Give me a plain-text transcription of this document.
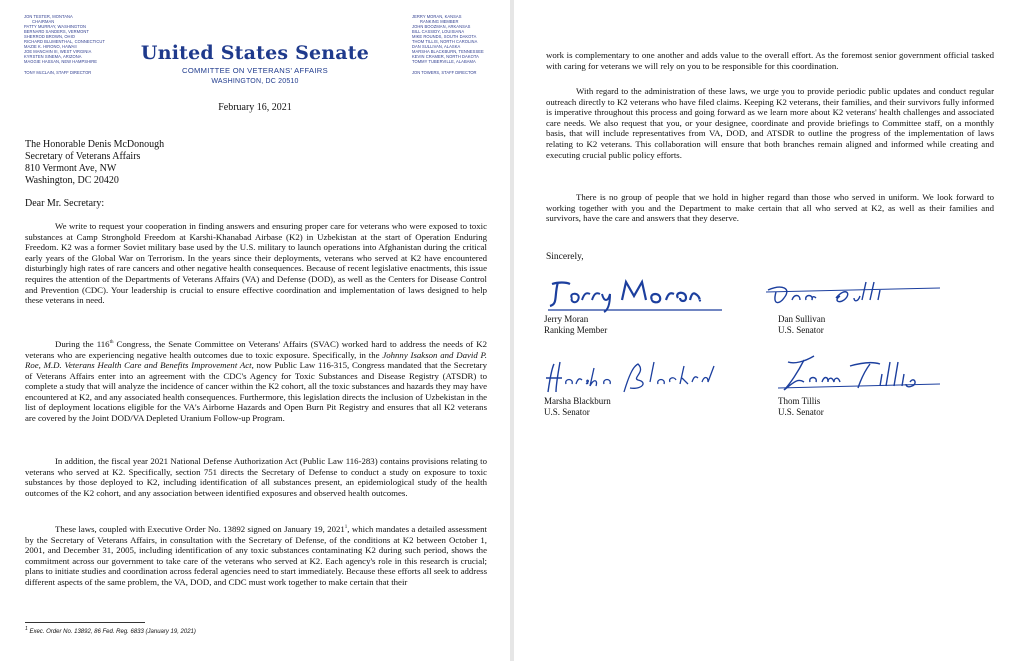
JON TESTER, MONTANA
CHAIRMAN
PATTY MURRAY, WASHINGTON
BERNARD SANDERS, VERMONT
SHERROD BROWN, OHIO
RICHARD BLUMENTHAL, CONNECTICUT
MAZIE K. HIRONO, HAWAII
JOE MANCHIN III, WEST VIRGINIA
KYRSTEN SINEMA, ARIZONA
MAGGIE HASSAN, NEW HAMPSHIRE
TONY McCLAIN, STAFF DIRECTOR
JERRY MORAN, KANSAS
RANKING MEMBER
JOHN BOOZMAN, ARKANSAS
BILL CASSIDY, LOUISIANA
MIKE ROUNDS, SOUTH DAKOTA
THOM TILLIS, NORTH CAROLINA
DAN SULLIVAN, ALASKA
MARSHA BLACKBURN, TENNESSEE
KEVIN CRAMER, NORTH DAKOTA
TOMMY TUBERVILLE, ALABAMA
JON TOWERS, STAFF DIRECTOR
United States Senate
COMMITTEE ON VETERANS' AFFAIRS
WASHINGTON, DC 20510
February 16, 2021
The Honorable Denis McDonough
Secretary of Veterans Affairs
810 Vermont Ave, NW
Washington, DC 20420
Dear Mr. Secretary:

We write to request your cooperation in finding answers and ensuring proper care for veterans who were exposed to toxic substances at Camp Stronghold Freedom at Karshi-Khanabad Airbase (K2) in Uzbekistan at the start of Operation Enduring Freedom. K2 was a former Soviet military base used by the U.S. military to launch operations into Afghanistan during the critical early years of the Global War on Terrorism. In the years since their deployments, veterans who served at K2 have encountered disturbingly high rates of rare cancers and other negative health consequences. Because of recent legislative enactments, this issue requires the attention of the Departments of Veterans Affairs (VA) and Defense (DOD), as well as the Centers for Disease Control and Prevention (CDC). Your leadership is crucial to ensure effective coordination and implementation of laws designed to help these veterans in need.

During the 116th Congress, the Senate Committee on Veterans' Affairs (SVAC) worked hard to address the needs of K2 veterans who are experiencing negative health outcomes due to toxic exposure. Specifically, in the Johnny Isakson and David P. Roe, M.D. Veterans Health Care and Benefits Improvement Act, now Public Law 116-315, Congress mandated that the Secretary of Veterans Affairs enter into an agreement with the CDC's Agency for Toxic Substances and Disease Registry (ATSDR) to complete a study that will analyze the incidence of cancer within the K2 cohort, all the toxic substances and hazards they may have encountered at K2, and any associated health consequences. Furthermore, this legislation directs the inclusion of Uzbekistan in the list of deployment locations eligible for the VA's Airborne Hazards and Open Burn Pit Registry and ensures that all K2 veterans are covered by the Joint DOD/VA Depleted Uranium Follow-up Program.

In addition, the fiscal year 2021 National Defense Authorization Act (Public Law 116-283) contains provisions relating to veterans who served at K2. Specifically, section 751 directs the Secretary of Defense to conduct a study on exposure to toxic substances by those deployed to K2, including identification of all substances present, an epidemiological study of the health outcomes of the K2 cohort, and any association between identified exposures and observed health outcomes.

These laws, coupled with Executive Order No. 13892 signed on January 19, 2021$^1$, which mandates a detailed assessment by the Secretary of Veterans Affairs, in consultation with the Secretary of Defense, of the conditions at K2 between October 1, 2001, and December 31, 2005, including identification of any toxic substances contaminating K2 during such period, shows the commitment across our government to take care of the veterans who served at K2. Each agency's role in this research is crucial; plans to initiate studies and coordination across federal agencies need to start immediately. Because these efforts all seek to address different aspects of the same problem, the VA, DOD, and CDC must work together to make certain that their

$^1$ Exec. Order No. 13892, 86 Fed. Reg. 6833 (January 19, 2021)

work is complementary to one another and adds value to the overall effort. As the foremost senior government official tasked with caring for veterans we will rely on you to be responsible for this coordination.

With regard to the administration of these laws, we urge you to provide periodic public updates and conduct regular outreach directly to K2 veterans who have filed claims. Keeping K2 veterans, their families, and their survivors fully informed is imperative throughout this process and going forward as we learn more about K2 veterans' health challenges and associated care needs. We also request that you, or your designee, coordinate and provide briefings to Committee staff, on a monthly basis, that will include representatives from VA, DOD, and ATSDR to outline the progress of the implementation of laws relating to K2 veterans. This collaboration will ensure that both branches remain aligned and informed while creating and executing crucial public policy efforts.

There is no group of people that we hold in higher regard than those who served in uniform. We look forward to working together with you and the Department to make certain that all who served at K2, as well as their families and survivors, have the care and answers that they deserve.

Sincerely,
Jerry Moran
Ranking Member
Dan Sullivan
U.S. Senator
Marsha Blackburn
U.S. Senator
Thom Tillis
U.S. Senator
